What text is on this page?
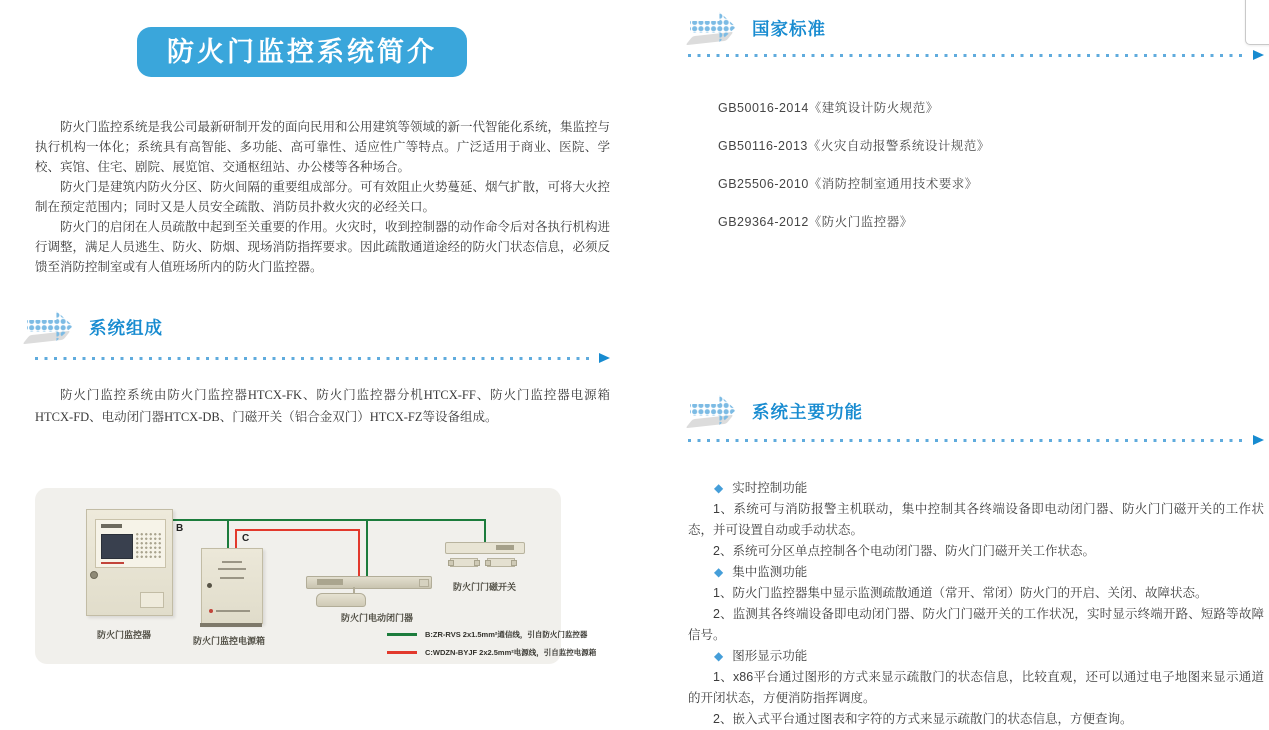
防火门监控系统简介

防火门监控系统是我公司最新研制开发的面向民用和公用建筑等领域的新一代智能化系统，集监控与执行机构一体化；系统具有高智能、多功能、高可靠性、适应性广等特点。广泛适用于商业、医院、学校、宾馆、住宅、剧院、展览馆、交通枢纽站、办公楼等各种场合。

防火门是建筑内防火分区、防火间隔的重要组成部分。可有效阻止火势蔓延、烟气扩散，可将大火控制在预定范围内；同时又是人员安全疏散、消防员扑救火灾的必经关口。

防火门的启闭在人员疏散中起到至关重要的作用。火灾时，收到控制器的动作命令后对各执行机构进行调整，满足人员逃生、防火、防烟、现场消防指挥要求。因此疏散通道途经的防火门状态信息，必须反馈至消防控制室或有人值班场所内的防火门监控器。

系统组成

防火门监控系统由防火门监控器HTCX-FK、防火门监控器分机HTCX-FF、防火门监控器电源箱HTCX-FD、电动闭门器HTCX-DB、门磁开关（铝合金双门）HTCX-FZ等设备组成。

B
C
防火门监控器
防火门监控电源箱
防火门电动闭门器
防火门门磁开关
B:ZR-RVS 2x1.5mm²通信线，引自防火门监控器
C:WDZN-BYJF 2x2.5mm²电源线，引自监控电源箱
国家标准

GB50016-2014《建筑设计防火规范》

GB50116-2013《火灾自动报警系统设计规范》

GB25506-2010《消防控制室通用技术要求》

GB29364-2012《防火门监控器》

系统主要功能

◆ 实时控制功能

1、系统可与消防报警主机联动，集中控制其各终端设备即电动闭门器、防火门门磁开关的工作状态，并可设置自动或手动状态。

2、系统可分区单点控制各个电动闭门器、防火门门磁开关工作状态。

◆ 集中监测功能

1、防火门监控器集中显示监测疏散通道（常开、常闭）防火门的开启、关闭、故障状态。

2、监测其各终端设备即电动闭门器、防火门门磁开关的工作状况，实时显示终端开路、短路等故障信号。

◆ 图形显示功能

1、x86平台通过图形的方式来显示疏散门的状态信息，比较直观，还可以通过电子地图来显示通道的开闭状态，方便消防指挥调度。

2、嵌入式平台通过图表和字符的方式来显示疏散门的状态信息，方便查询。
